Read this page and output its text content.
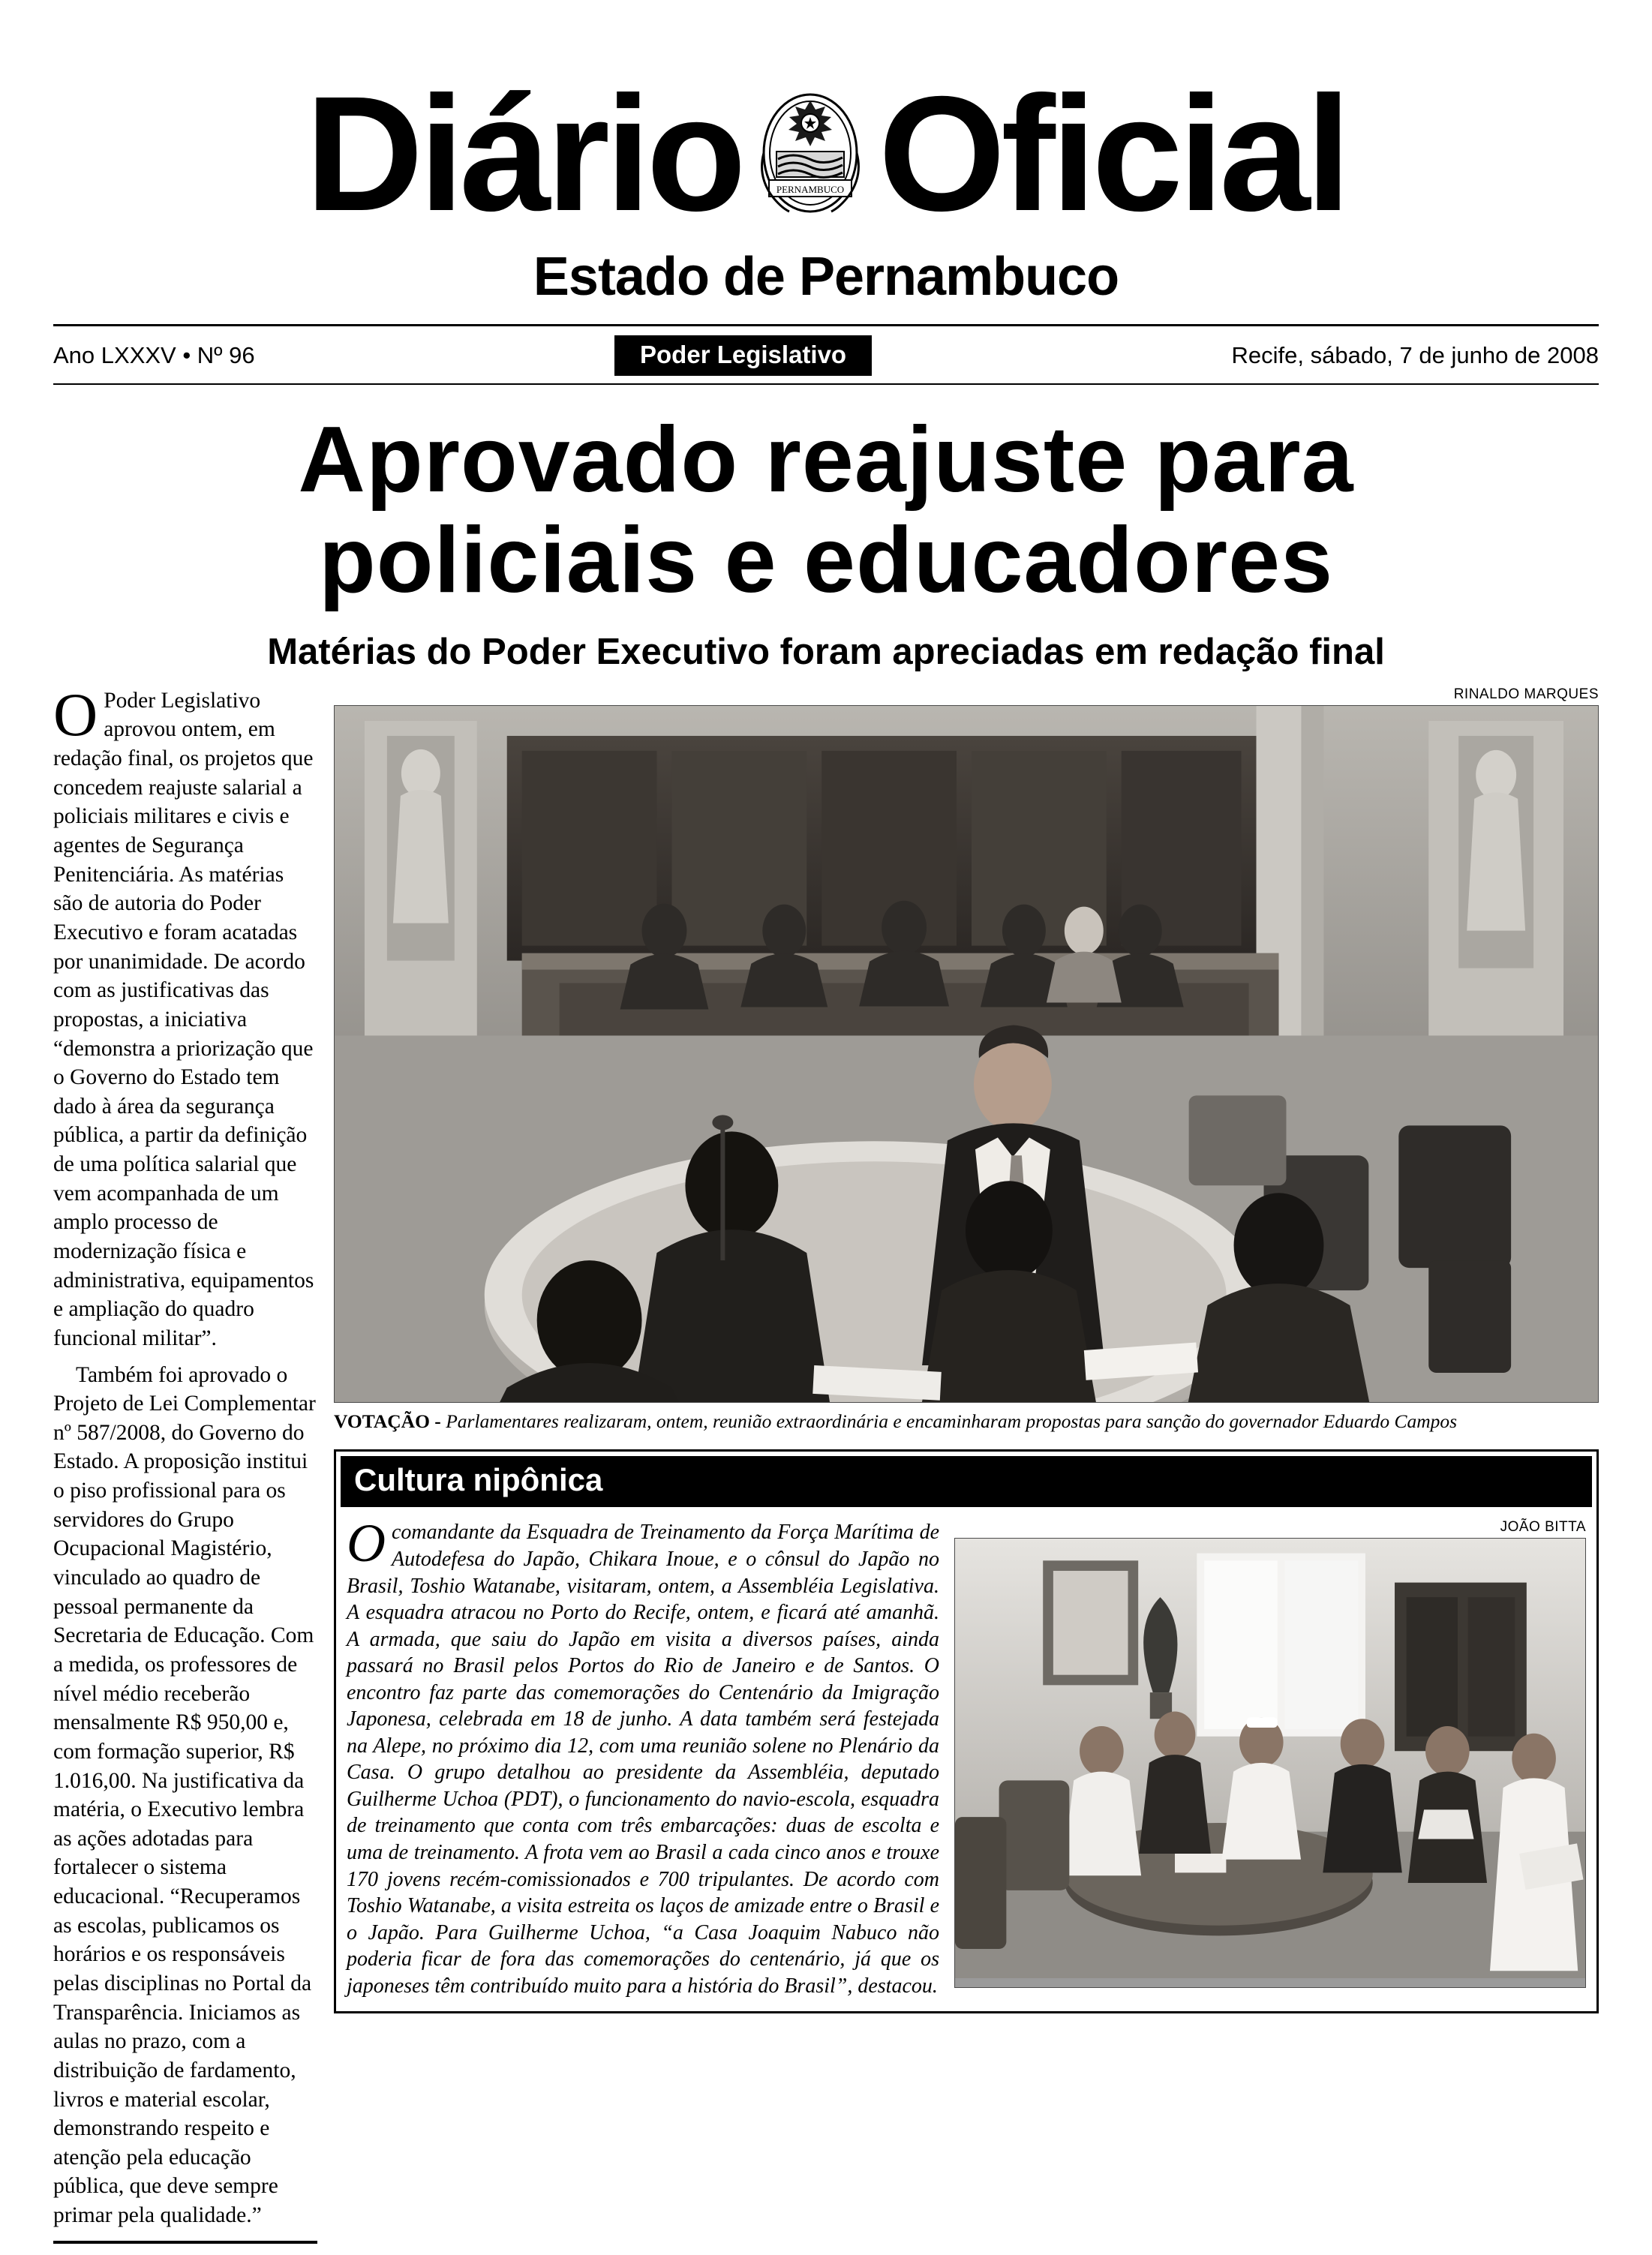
Diário	PERNAMBUCO Oficial
Estado de Pernambuco
Ano LXXXV • Nº 96	Poder Legislativo	Recife, sábado, 7 de junho de 2008
Aprovado reajuste para
policiais e educadores
Matérias do Poder Executivo foram apreciadas em redação final
O Poder Legislativo aprovou ontem, em redação final, os projetos que concedem reajuste salarial a policiais militares e civis e agentes de Segurança Penitenciária. As matérias são de autoria do Poder Executivo e foram acatadas por unanimidade. De acordo com as justificativas das propostas, a iniciativa “demonstra a priorização que o Governo do Estado tem dado à área da segurança pública, a partir da definição de uma política salarial que vem acompanhada de um amplo processo de modernização física e administrativa, equipamentos e ampliação do quadro funcional militar”.

Também foi aprovado o Projeto de Lei Complementar nº 587/2008, do Governo do Estado. A proposição institui o piso profissional para os servidores do Grupo Ocupacional Magistério, vinculado ao quadro de pessoal permanente da Secretaria de Educação. Com a medida, os professores de nível médio receberão mensalmente R$ 950,00 e, com formação superior, R$ 1.016,00. Na justificativa da matéria, o Executivo lembra as ações adotadas para fortalecer o sistema educacional. “Recuperamos as escolas, publicamos os horários e os responsáveis pelas disciplinas no Portal da Transparência. Iniciamos as aulas no prazo, com a distribuição de fardamento, livros e material escolar, demonstrando respeito e atenção pela educação pública, que deve sempre primar pela qualidade.”

RINALDO MARQUES
VOTAÇÃO - Parlamentares realizaram, ontem, reunião extraordinária e encaminharam propostas para sanção do governador Eduardo Campos
Cultura nipônica
Ocomandante da Esquadra de Treinamento da Força Marítima de Autodefesa do Japão, Chikara Inoue, e o cônsul do Japão no Brasil, Toshio Watanabe, visitaram, ontem, a Assembléia Legislativa. A esquadra atracou no Porto do Recife, ontem, e ficará até amanhã. A armada, que saiu do Japão em visita a diversos países, ainda passará no Brasil pelos Portos do Rio de Janeiro e de Santos. O encontro faz parte das comemorações do Centenário da Imigração Japonesa, celebrada em 18 de junho. A data também será festejada na Alepe, no próximo dia 12, com uma reunião solene no Plenário da Casa. O grupo detalhou ao presidente da Assembléia, deputado Guilherme Uchoa (PDT), o funcionamento do navio-escola, esquadra de treinamento que conta com três embarcações: duas de escolta e uma de treinamento. A frota vem ao Brasil a cada cinco anos e trouxe 170 jovens recém-comissionados e 700 tripulantes. De acordo com Toshio Watanabe, a visita estreita os laços de amizade entre o Brasil e o Japão. Para Guilherme Uchoa, “a Casa Joaquim Nabuco não poderia ficar de fora das comemorações do centenário, já que os japoneses têm contribuído muito para a história do Brasil”, destacou.
JOÃO BITTA
